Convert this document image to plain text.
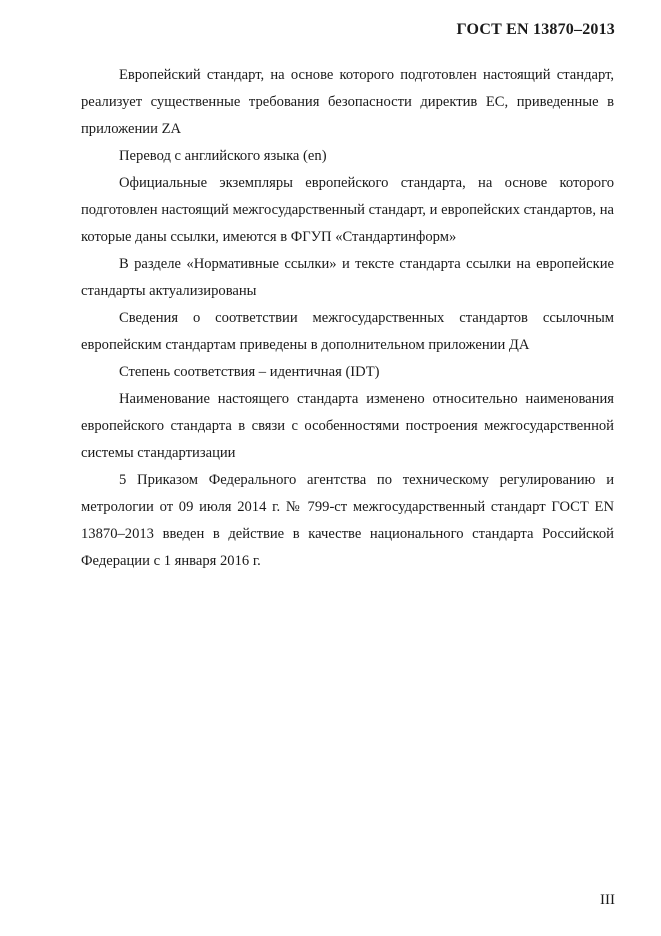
ГОСТ EN 13870–2013

Европейский стандарт, на основе которого подготовлен настоящий стандарт, реализует существенные требования безопасности директив ЕС, приведенные в приложении ZA

Перевод с английского языка (en)

Официальные экземпляры европейского стандарта, на основе которого подготовлен настоящий межгосударственный стандарт, и европейских стандартов, на которые даны ссылки, имеются в ФГУП «Стандартинформ»

В разделе «Нормативные ссылки» и тексте стандарта ссылки на европейские стандарты актуализированы

Сведения о соответствии межгосударственных стандартов ссылочным европейским стандартам приведены в дополнительном приложении ДА

Степень соответствия – идентичная (IDT)

Наименование настоящего стандарта изменено относительно наименования европейского стандарта в связи с особенностями построения межгосударственной системы стандартизации

5 Приказом Федерального агентства по техническому регулированию и метрологии от 09 июля 2014 г. № 799-ст межгосударственный стандарт ГОСТ EN 13870–2013 введен в действие в качестве национального стандарта Российской Федерации с 1 января 2016 г.

III
